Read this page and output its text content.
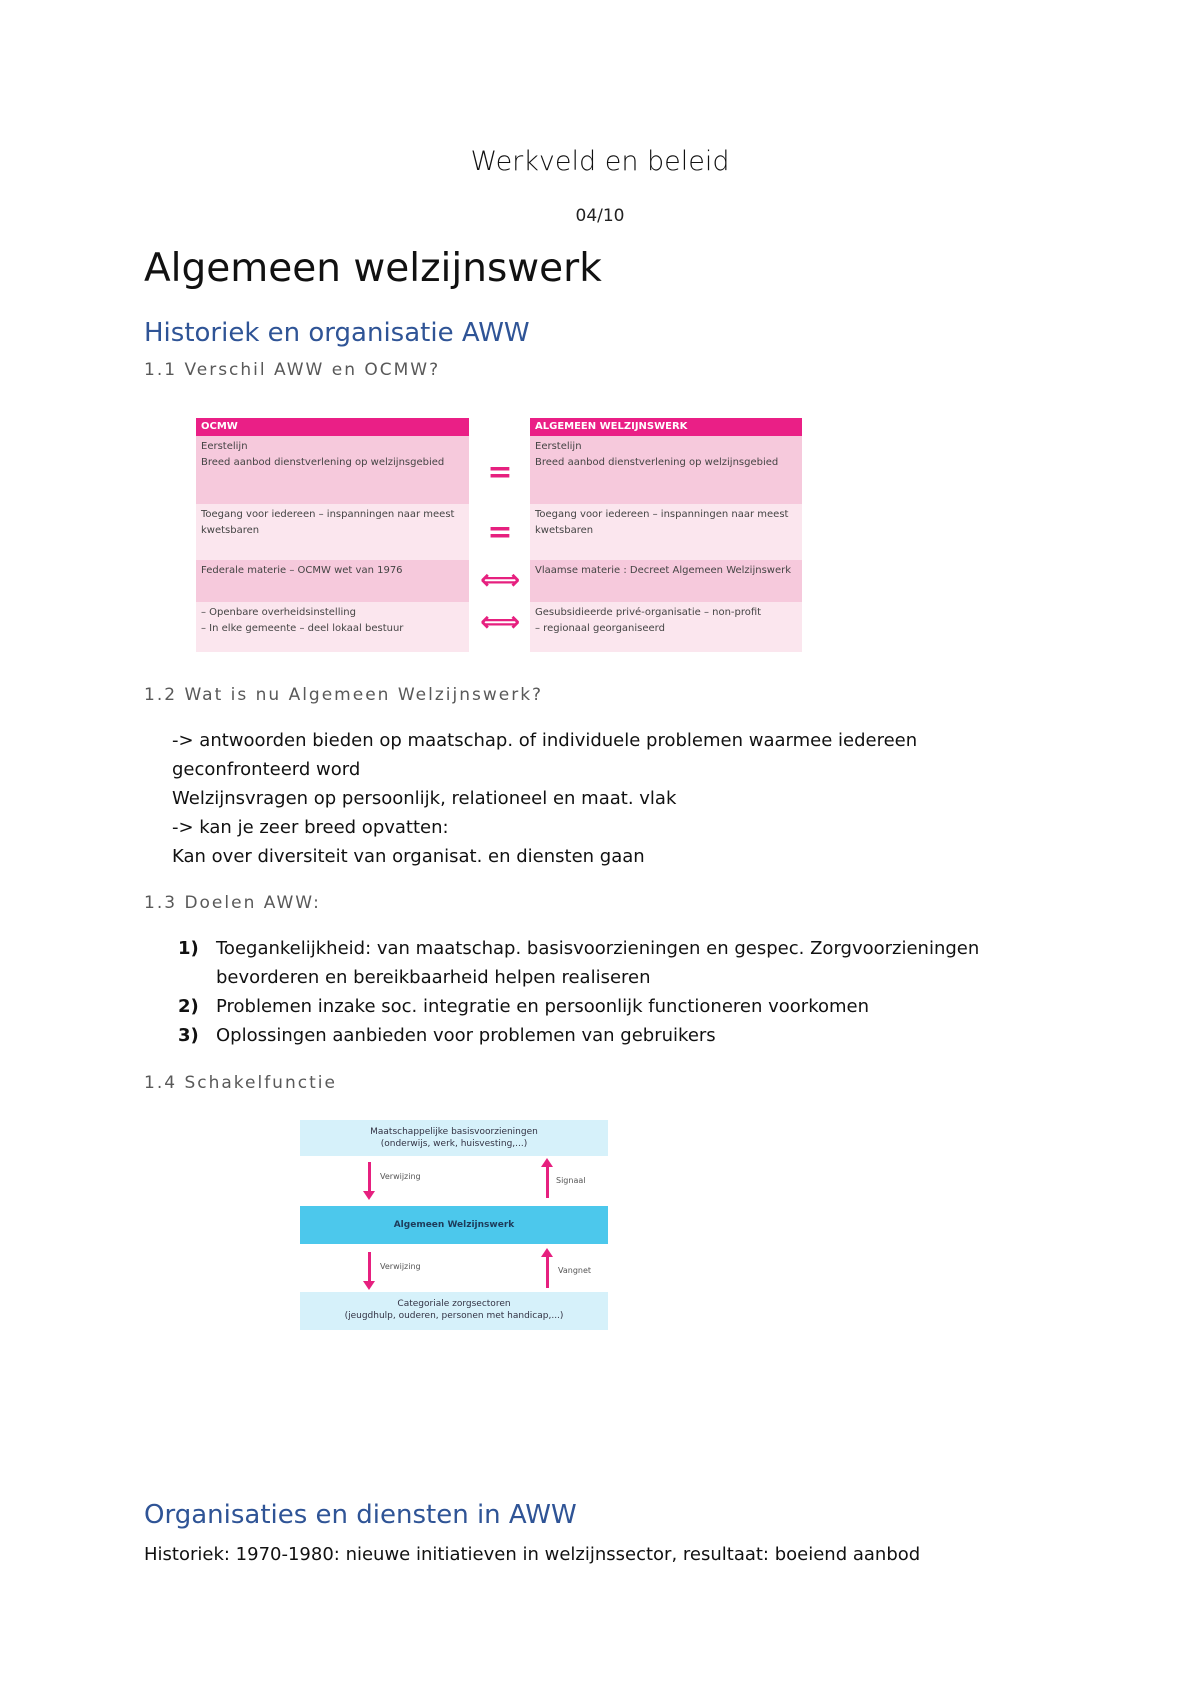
Werkveld en beleid
04/10
Algemeen welzijnswerk
Historiek en organisatie AWW
1.1 Verschil AWW en OCMW?
OCMW
Eerstelijn
Breed aanbod dienstverlening op welzijnsgebied
Toegang voor iedereen – inspanningen naar meest
kwetsbaren
Federale materie – OCMW wet van 1976
– Openbare overheidsinstelling
– In elke gemeente – deel lokaal bestuur
=
=
⟺
⟺
ALGEMEEN WELZIJNSWERK
Eerstelijn
Breed aanbod dienstverlening op welzijnsgebied
Toegang voor iedereen – inspanningen naar meest
kwetsbaren
Vlaamse materie : Decreet Algemeen Welzijnswerk
Gesubsidieerde privé-organisatie – non-profit
– regionaal georganiseerd
1.2 Wat is nu Algemeen Welzijnswerk?
-> antwoorden bieden op maatschap. of individuele problemen waarmee iedereen
geconfronteerd word
Welzijnsvragen op persoonlijk, relationeel en maat. vlak
-> kan je zeer breed opvatten:
Kan over diversiteit van organisat. en diensten gaan
1.3 Doelen AWW:
1) Toegankelijkheid: van maatschap. basisvoorzieningen en gespec. Zorgvoorzieningen
bevorderen en bereikbaarheid helpen realiseren
2) Problemen inzake soc. integratie en persoonlijk functioneren voorkomen
3) Oplossingen aanbieden voor problemen van gebruikers
1.4 Schakelfunctie
Maatschappelijke basisvoorzieningen
(onderwijs, werk, huisvesting,...)
Verwijzing	Signaal
Algemeen Welzijnswerk
Verwijzing	Vangnet
Categoriale zorgsectoren
(jeugdhulp, ouderen, personen met handicap,...)
Organisaties en diensten in AWW
Historiek: 1970-1980: nieuwe initiatieven in welzijnssector, resultaat: boeiend aanbod
